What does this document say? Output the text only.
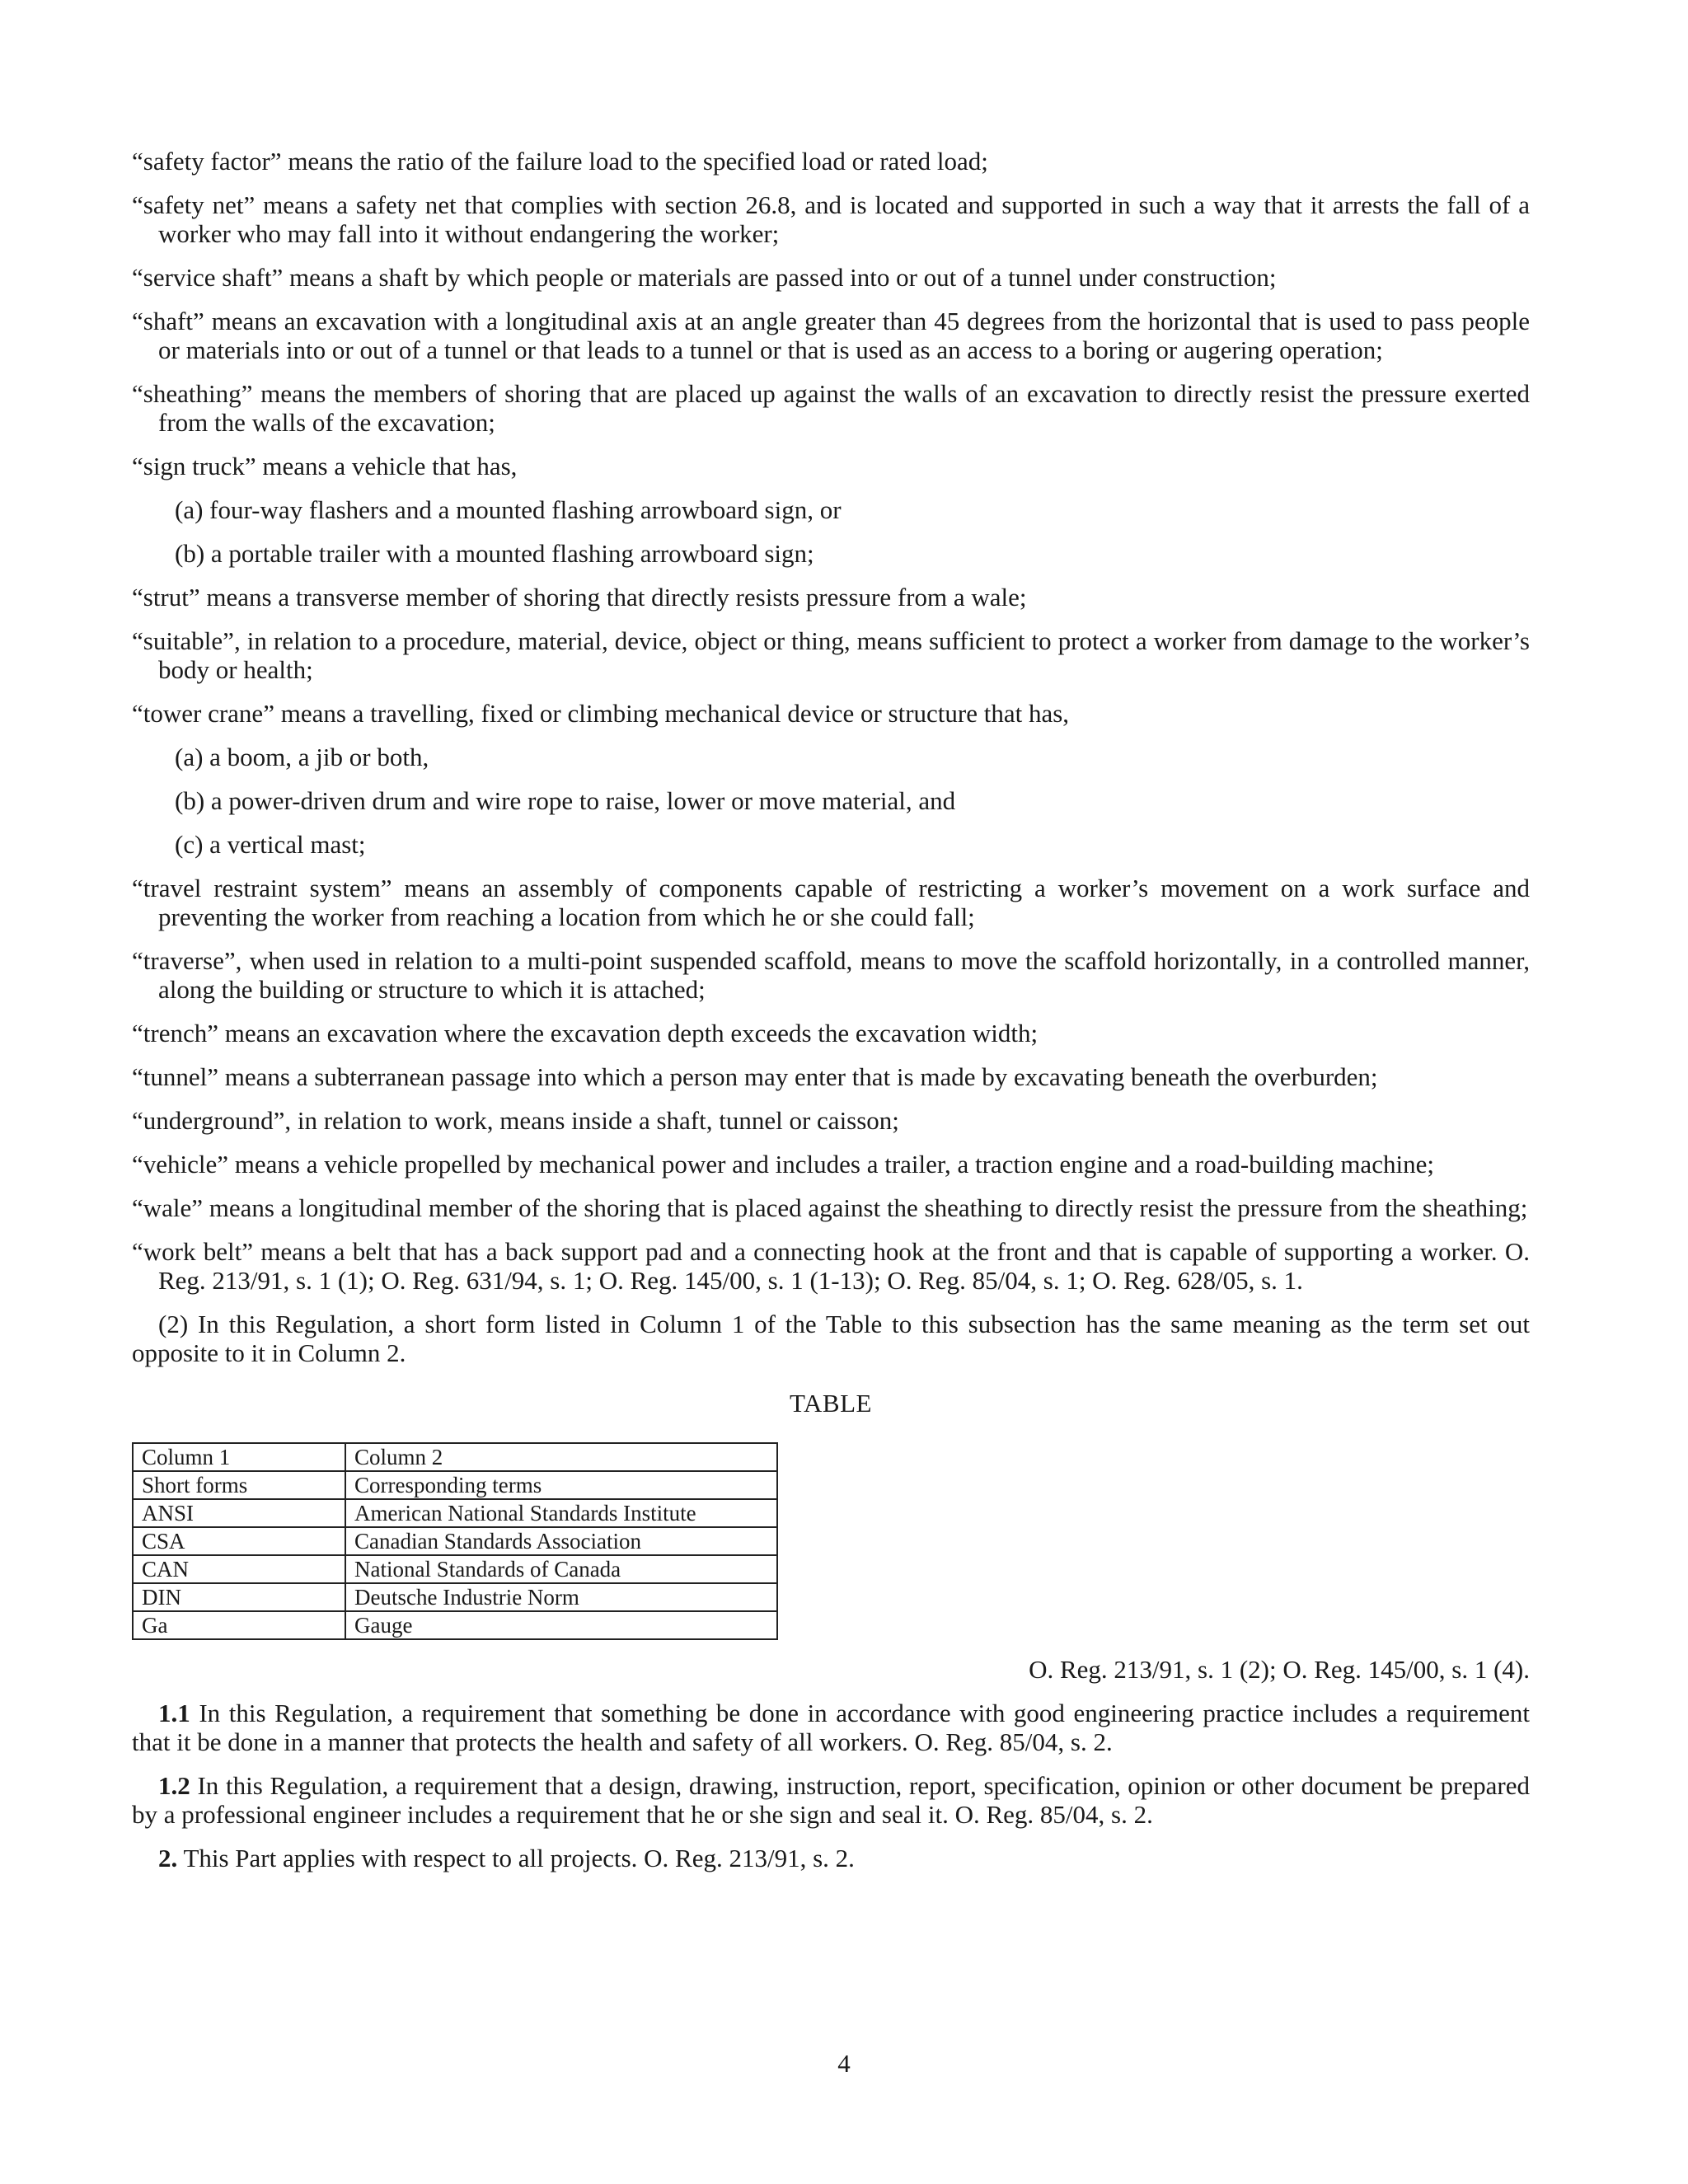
“safety factor” means the ratio of the failure load to the specified load or rated load;

“safety net” means a safety net that complies with section 26.8, and is located and supported in such a way that it arrests the fall of a worker who may fall into it without endangering the worker;

“service shaft” means a shaft by which people or materials are passed into or out of a tunnel under construction;

“shaft” means an excavation with a longitudinal axis at an angle greater than 45 degrees from the horizontal that is used to pass people or materials into or out of a tunnel or that leads to a tunnel or that is used as an access to a boring or augering operation;

“sheathing” means the members of shoring that are placed up against the walls of an excavation to directly resist the pressure exerted from the walls of the excavation;

“sign truck” means a vehicle that has,

(a) four-way flashers and a mounted flashing arrowboard sign, or

(b) a portable trailer with a mounted flashing arrowboard sign;

“strut” means a transverse member of shoring that directly resists pressure from a wale;

“suitable”, in relation to a procedure, material, device, object or thing, means sufficient to protect a worker from damage to the worker’s body or health;

“tower crane” means a travelling, fixed or climbing mechanical device or structure that has,

(a) a boom, a jib or both,

(b) a power-driven drum and wire rope to raise, lower or move material, and

(c) a vertical mast;

“travel restraint system” means an assembly of components capable of restricting a worker’s movement on a work surface and preventing the worker from reaching a location from which he or she could fall;

“traverse”, when used in relation to a multi-point suspended scaffold, means to move the scaffold horizontally, in a controlled manner, along the building or structure to which it is attached;

“trench” means an excavation where the excavation depth exceeds the excavation width;

“tunnel” means a subterranean passage into which a person may enter that is made by excavating beneath the overburden;

“underground”, in relation to work, means inside a shaft, tunnel or caisson;

“vehicle” means a vehicle propelled by mechanical power and includes a trailer, a traction engine and a road-building machine;

“wale” means a longitudinal member of the shoring that is placed against the sheathing to directly resist the pressure from the sheathing;

“work belt” means a belt that has a back support pad and a connecting hook at the front and that is capable of supporting a worker. O. Reg. 213/91, s. 1 (1); O. Reg. 631/94, s. 1; O. Reg. 145/00, s. 1 (1-13); O. Reg. 85/04, s. 1; O. Reg. 628/05, s. 1.

(2) In this Regulation, a short form listed in Column 1 of the Table to this subsection has the same meaning as the term set out opposite to it in Column 2.

TABLE
Column 1	Column 2
Short forms	Corresponding terms
ANSI	American National Standards Institute
CSA	Canadian Standards Association
CAN	National Standards of Canada
DIN	Deutsche Industrie Norm
Ga	Gauge

O. Reg. 213/91, s. 1 (2); O. Reg. 145/00, s. 1 (4).

1.1 In this Regulation, a requirement that something be done in accordance with good engineering practice includes a requirement that it be done in a manner that protects the health and safety of all workers. O. Reg. 85/04, s. 2.

1.2 In this Regulation, a requirement that a design, drawing, instruction, report, specification, opinion or other document be prepared by a professional engineer includes a requirement that he or she sign and seal it. O. Reg. 85/04, s. 2.

2. This Part applies with respect to all projects. O. Reg. 213/91, s. 2.

4
